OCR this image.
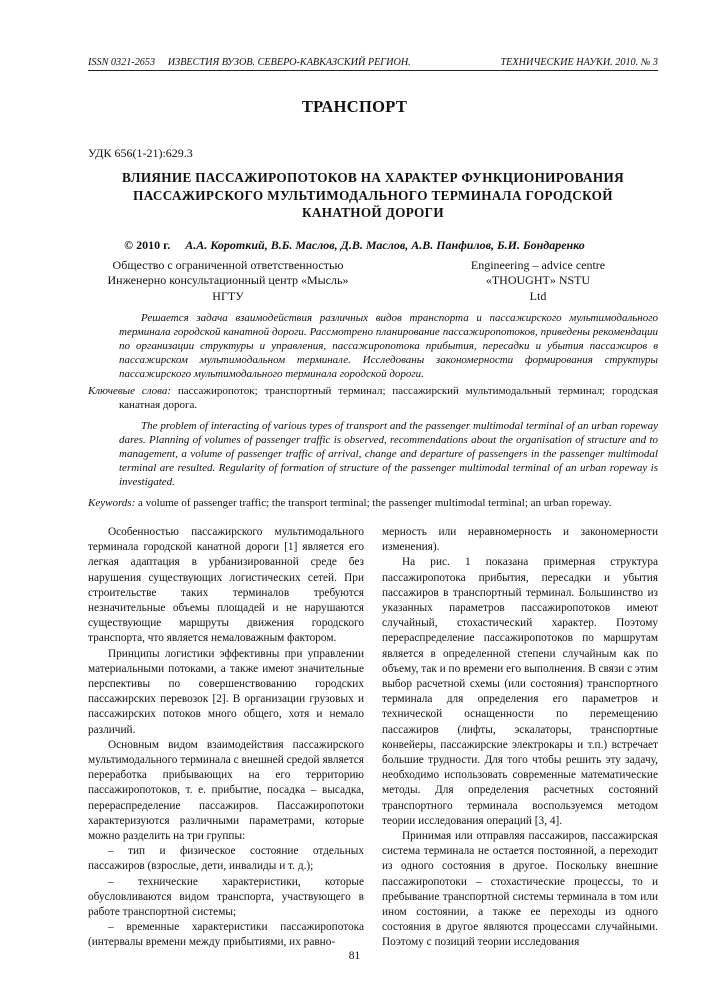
ISSN 0321-2653     ИЗВЕСТИЯ ВУЗОВ. СЕВЕРО-КАВКАЗСКИЙ РЕГИОН.	ТЕХНИЧЕСКИЕ НАУКИ. 2010. № 3
ТРАНСПОРТ
УДК 656(1-21):629.3
ВЛИЯНИЕ ПАССАЖИРОПОТОКОВ НА ХАРАКТЕР ФУНКЦИОНИРОВАНИЯ ПАССАЖИРСКОГО МУЛЬТИМОДАЛЬНОГО ТЕРМИНАЛА ГОРОДСКОЙ КАНАТНОЙ ДОРОГИ
© 2010 г. А.А. Короткий, В.Б. Маслов, Д.В. Маслов, А.В. Панфилов, Б.И. Бондаренко
Общество с ограниченной ответственностью
Инженерно консультационный центр «Мысль»
НГТУ
Engineering – advice centre
«THOUGHT» NSTU
Ltd
Решается задача взаимодействия различных видов транспорта и пассажирского мультимодального терминала городской канатной дороги. Рассмотрено планирование пассажиропотоков, приведены рекомендации по организации структуры и управления, пассажиропотока прибытия, пересадки и убытия пассажиров в пассажирском мультимодальном терминале. Исследованы закономерности формирования структуры пассажирского мультимодального терминала городской дороги.
Ключевые слова: пассажиропоток; транспортный терминал; пассажирский мультимодальный терминал; городская канатная дорога.
The problem of interacting of various types of transport and the passenger multimodal terminal of an urban ropeway dares. Planning of volumes of passenger traffic is observed, recommendations about the organisation of structure and to management, a volume of passenger traffic of arrival, change and departure of passengers in the passenger multimodal terminal are resulted. Regularity of formation of structure of the passenger multimodal terminal of an urban ropeway is investigated.
Keywords: a volume of passenger traffic; the transport terminal; the passenger multimodal terminal; an urban ropeway.

Особенностью пассажирского мультимодального терминала городской канатной дороги [1] является его легкая адаптация в урбанизированной среде без нарушения существующих логистических сетей. При строительстве таких терминалов требуются незначительные объемы площадей и не нарушаются существующие маршруты движения городского транспорта, что является немаловажным фактором.

Принципы логистики эффективны при управлении материальными потоками, а также имеют значительные перспективы по совершенствованию городских пассажирских перевозок [2]. В организации грузовых и пассажирских потоков много общего, хотя и немало различий.

Основным видом взаимодействия пассажирского мультимодального терминала с внешней средой является переработка прибывающих на его территорию пассажиропотоков, т. е. прибытие, посадка – высадка, перераспределение пассажиров. Пассажиропотоки характеризуются различными параметрами, которые можно разделить на три группы:

– тип и физическое состояние отдельных пассажиров (взрослые, дети, инвалиды и т. д.);

– технические характеристики, которые обусловливаются видом транспорта, участвующего в работе транспортной системы;

– временные характеристики пассажиропотока (интервалы времени между прибытиями, их равно-

мерность или неравномерность и закономерности изменения).

На рис. 1 показана примерная структура пассажиропотока прибытия, пересадки и убытия пассажиров в транспортный терминал. Большинство из указанных параметров пассажиропотоков имеют случайный, стохастический характер. Поэтому перераспределение пассажиропотоков по маршрутам является в определенной степени случайным как по объему, так и по времени его выполнения. В связи с этим выбор расчетной схемы (или состояния) транспортного терминала для определения его параметров и технической оснащенности по перемещению пассажиров (лифты, эскалаторы, транспортные конвейеры, пассажирские электрокары и т.п.) встречает большие трудности. Для того чтобы решить эту задачу, необходимо использовать современные математические методы. Для определения расчетных состояний транспортного терминала воспользуемся методом теории исследования операций [3, 4].

Принимая или отправляя пассажиров, пассажирская система терминала не остается постоянной, а переходит из одного состояния в другое. Поскольку внешние пассажиропотоки – стохастические процессы, то и пребывание транспортной системы терминала в том или ином состоянии, а также ее переходы из одного состояния в другое являются процессами случайными. Поэтому с позиций теории исследования

81
